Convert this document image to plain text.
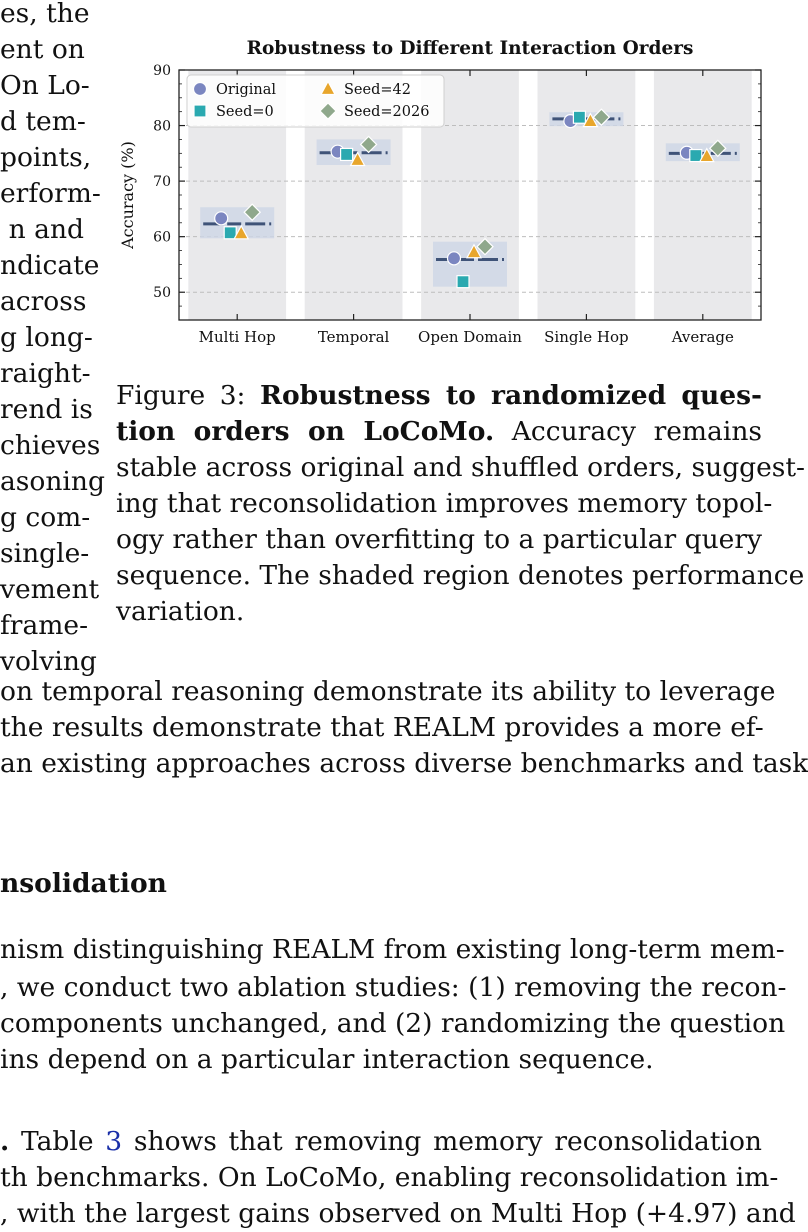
es, the
ent on
On Lo-
d tem-
points,
erform-
n and
ndicate
across
g long-
raight-
rend is
chieves
asoning
g com-
single-
vement
frame-
volving
Robustness to Different Interaction Orders
50
60
70
80
90
Multi Hop	Temporal Open Domain Single Hop	Average
Accuracy (%)
Original
Seed=0
Seed=42
Seed=2026
Figure 3: Robustness to randomized ques-
tion orders on LoCoMo. Accuracy remains
stable across original and shuffled orders, suggest-
ing that reconsolidation improves memory topol-
ogy rather than overfitting to a particular query
sequence. The shaded region denotes performance
variation.
on temporal reasoning demonstrate its ability to leverage
the results demonstrate that REALM provides a more ef-
an existing approaches across diverse benchmarks and task
nsolidation
nism distinguishing REALM from existing long-term mem-
, we conduct two ablation studies: (1) removing the recon-
components unchanged, and (2) randomizing the question
ins depend on a particular interaction sequence.
. Table 3 shows that removing memory reconsolidation
th benchmarks. On LoCoMo, enabling reconsolidation im-
, with the largest gains observed on Multi Hop (+4.97) and
